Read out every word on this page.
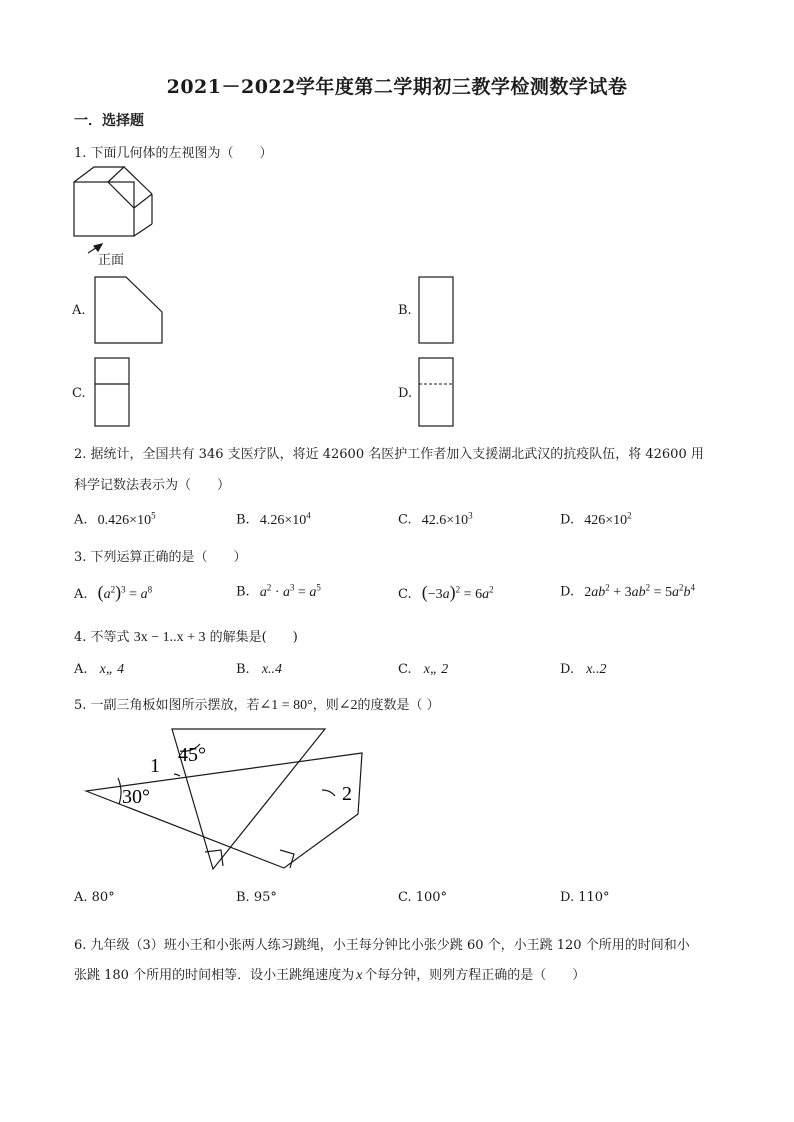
2021－2022学年度第二学期初三教学检测数学试卷
一．选择题
1. 下面几何体的左视图为（　　）
正面
A.	B.
C.	D.
2. 据统计，全国共有 346 支医疗队，将近 42600 名医护工作者加入支援湖北武汉的抗疫队伍，将 42600 用
科学记数法表示为（　　）
A. $0.426\times 10^5$	B. $4.26\times 10^4$	C. $42.6\times 10^3$	D. $426\times 10^2$
3. 下列运算正确的是（　　）
A. $(a^2)^3 = a^8$	B. $a^2 \cdot a^3 = a^5$	C. $(-3a)^2 = 6a^2$	D. $2ab^2 + 3ab^2 = 5a^2b^4$
4. 不等式 3x − 1..x + 3 的解集是(　　)
A. x„ 4	B. x..4	C. x„ 2	D. x..2
5. 一副三角板如图所示摆放，若∠1 = 80°，则∠2的度数是（ ）
45°
1
30°	2
A. 80°	B. 95°	C. 100°	D. 110°
6. 九年级（3）班小王和小张两人练习跳绳，小王每分钟比小张少跳 60 个，小王跳 120 个所用的时间和小
张跳 180 个所用的时间相等．设小王跳绳速度为 x 个每分钟，则列方程正确的是（　　）
